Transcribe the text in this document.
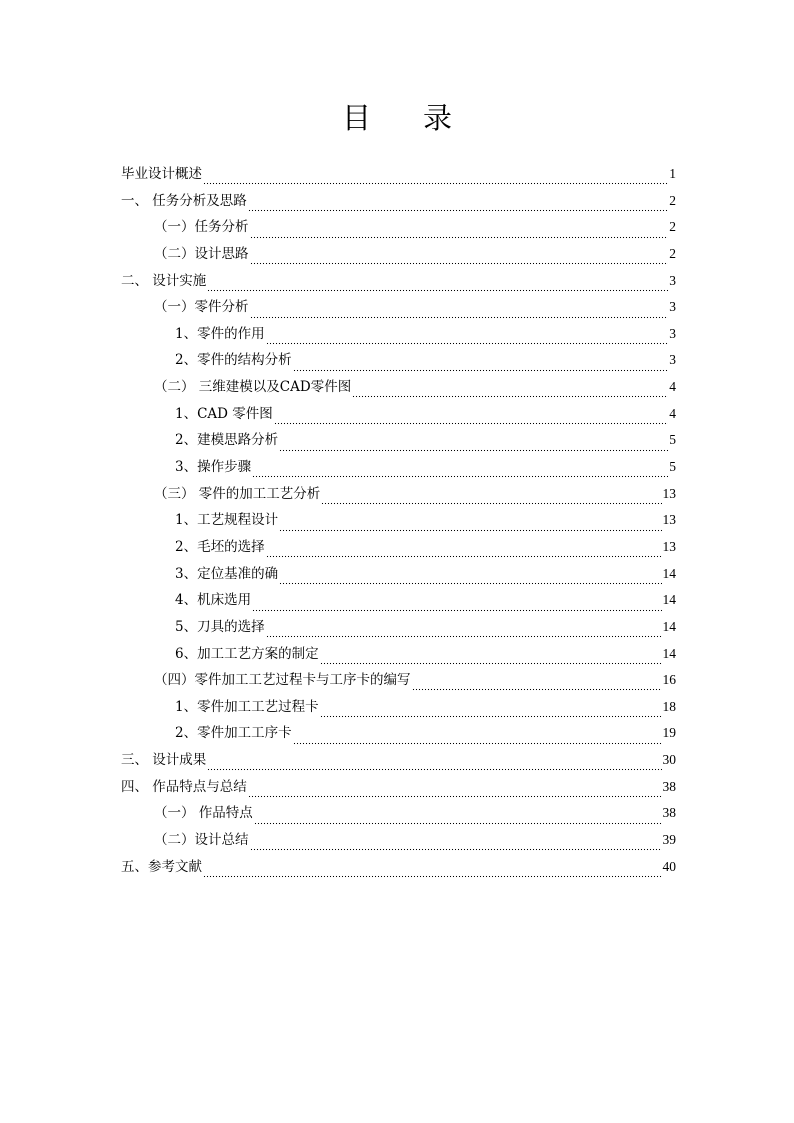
目 录
毕业设计概述	1
一、 任务分析及思路	2
（一）任务分析	2
（二）设计思路	2
二、 设计实施	3
（一）零件分析	3
1、零件的作用	3
2、零件的结构分析	3
（二） 三维建模以及CAD零件图	4
1、CAD 零件图	4
2、建模思路分析	5
3、操作步骤	5
（三） 零件的加工工艺分析	13
1、工艺规程设计	13
2、毛坯的选择	13
3、定位基准的确	14
4、机床选用	14
5、刀具的选择	14
6、加工工艺方案的制定	14
（四）零件加工工艺过程卡与工序卡的编写	16
1、零件加工工艺过程卡	18
2、零件加工工序卡	19
三、 设计成果	30
四、 作品特点与总结	38
（一） 作品特点	38
（二）设计总结	39
五、参考文献	40
